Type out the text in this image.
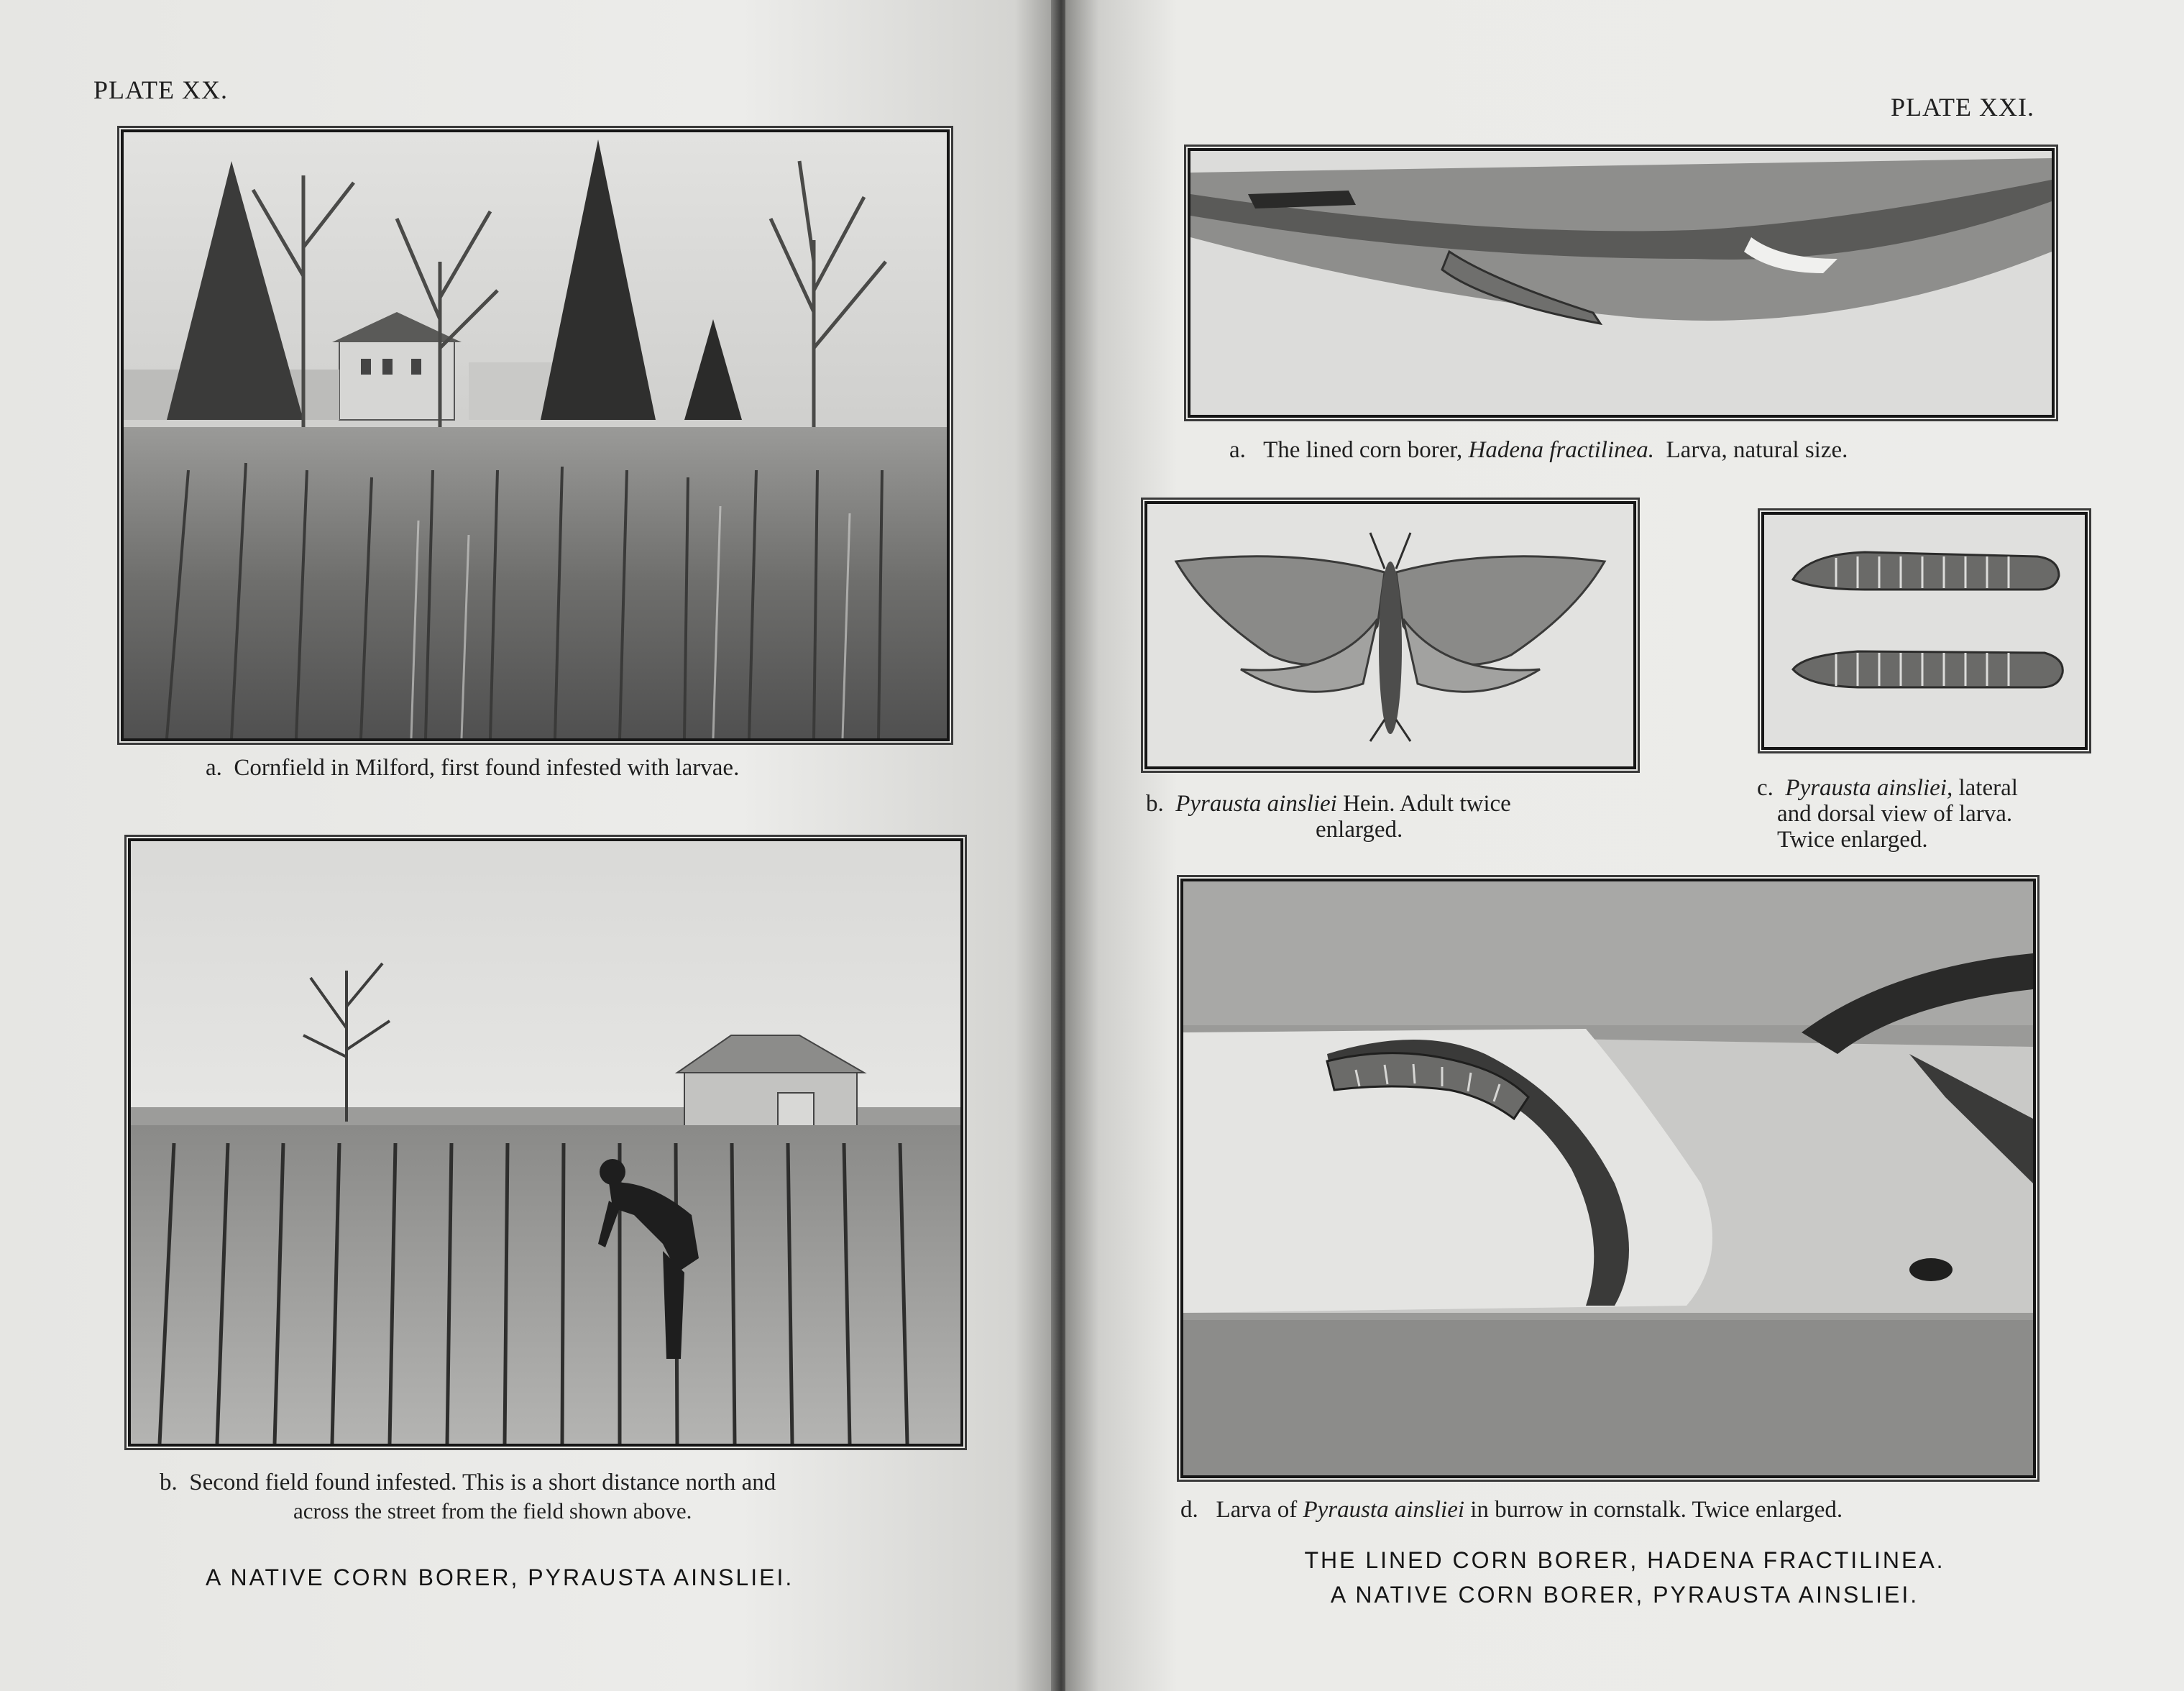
PLATE XX.
a. Cornfield in Milford, first found infested with larvae.
b. Second field found infested. This is a short distance north and
across the street from the field shown above.
A NATIVE CORN BORER, PYRAUSTA AINSLIEI.
PLATE XXI.
a. The lined corn borer, Hadena fractilinea. Larva, natural size.
b. Pyrausta ainsliei Hein. Adult twice
enlarged.
c. Pyrausta ainsliei, lateral
and dorsal view of larva.
Twice enlarged.
d. Larva of Pyrausta ainsliei in burrow in cornstalk. Twice enlarged.
THE LINED CORN BORER, HADENA FRACTILINEA.
A NATIVE CORN BORER, PYRAUSTA AINSLIEI.
